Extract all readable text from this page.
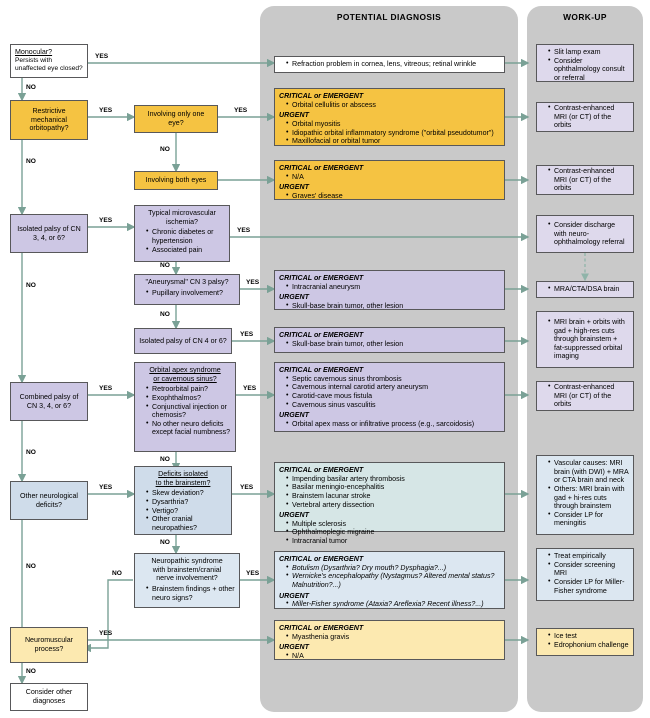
POTENTIAL DIAGNOSIS	WORK-UP
Monocular?
Persists with unaffected eye closed?
Restrictive mechanical orbitopathy?
Isolated palsy of CN 3, 4, or 6?
Combined palsy of CN 3, 4, or 6?
Other neurological deficits?
Neuromuscular process?
Consider other diagnoses
Involving only one eye?
Involving both eyes
Typical microvascular ischemia?
• Chronic diabetes or hypertension
• Associated pain
"Aneurysmal" CN 3 palsy?
• Pupillary involvement?
Isolated palsy of CN 4 or 6?
Orbital apex syndrome
or cavernous sinus?
• Retroorbital pain?
• Exophthalmos?
• Conjunctival injection or chemosis?
• No other neuro deficits except facial numbness?
Deficits isolated
to the brainstem?
• Skew deviation?
• Dysarthria?
• Vertigo?
• Other cranial neuropathies?
Neuropathic syndrome
with brainstem/cranial
nerve involvement?
• Brainstem findings + other neuro signs?
YES
NO
YES
NO
YES
NO
YES
NO
YES
NO
YES
NO
YES
YES
NO
YES
NO
YES
NO
YES
NO
YES
NO
YES
NO
• Refraction problem in cornea, lens, vitreous; retinal wrinkle
CRITICAL or EMERGENT
• Orbital cellulitis or abscess
URGENT
• Orbital myositis
• Idiopathic orbital inflammatory syndrome ("orbital pseudotumor")
• Maxillofacial or orbital tumor
CRITICAL or EMERGENT
• N/A
URGENT
• Graves' disease
CRITICAL or EMERGENT
• Intracranial aneurysm
URGENT
• Skull-base brain tumor, other lesion
CRITICAL or EMERGENT
• Skull-base brain tumor, other lesion
CRITICAL or EMERGENT
• Septic cavernous sinus thrombosis
• Cavernous internal carotid artery aneurysm
• Carotid-cave mous fistula
• Cavernous sinus vasculitis
URGENT
• Orbital apex mass or infiltrative process (e.g., sarcoidosis)
CRITICAL or EMERGENT
• Impending basilar artery thrombosis
• Basilar meningio-encephalitis
• Brainstem lacunar stroke
• Vertebral artery dissection
URGENT
• Multiple sclerosis
• Ophthalmoplegic migraine
• Intracranial tumor
CRITICAL or EMERGENT
• Botulism (Dysarthria? Dry mouth? Dysphagia?...)
• Wernicke's encephalopathy (Nystagmus? Altered mental status? Malnutrition?...)
URGENT
• Miller-Fisher syndrome (Ataxia? Areflexia? Recent illness?...)
CRITICAL or EMERGENT
• Myasthenia gravis
URGENT
• N/A
• Slit lamp exam
• Consider ophthalmology consult or referral
• Contrast-enhanced MRI (or CT) of the orbits
• Contrast-enhanced MRI (or CT) of the orbits
• Consider discharge with neuro-ophthalmology referral
• MRA/CTA/DSA brain
• MRI brain + orbits with gad + high-res cuts through brainstem + fat-suppressed orbital imaging
• Contrast-enhanced MRI (or CT) of the orbits
• Vascular causes: MRI brain (with DWI) + MRA or CTA brain and neck
• Others: MRI brain with gad + hi-res cuts through brainstem
• Consider LP for meningitis
• Treat empirically
• Consider screening MRI
• Consider LP for Miller-Fisher syndrome
• Ice test
• Edrophonium challenge
